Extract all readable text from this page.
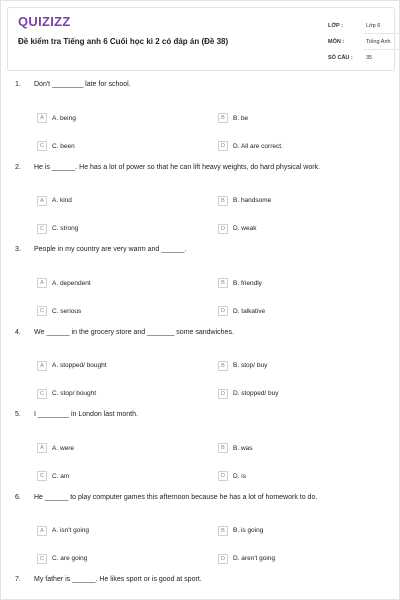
QUIZIZZ
Đề kiểm tra Tiếng anh 6 Cuối học kì 2 có đáp án (Đề 38)
LỚP :	Lớp 6
MÔN :	Tiếng Anh
SỐ CÂU :	35
1. Don't ________ late for school.
A	A. being	B	B. be
C	C. been	D	D. All are correct.
2. He is ______. He has a lot of power so that he can lift heavy weights, do hard physical work.
A	A. kind	B	B. handsome
C	C. strong	D	D. weak
3. People in my country are very warm and ______.
A	A. dependent	B	B. friendly
C	C. serious	D	D. talkative
4. We ______ in the grocery store and _______ some sandwiches.
A	A. stopped/ bought	B	B. stop/ buy
C	C. stop/ bought	D	D. stopped/ buy
5. I ________ in London last month.
A	A. were	B	B. was
C	C. am	D	D. is
6. He ______ to play computer games this afternoon because he has a lot of homework to do.
A	A. isn't going	B	B. is going
C	C. are going	D	D. aren't going
7. My father is ______. He likes sport or is good at sport.
